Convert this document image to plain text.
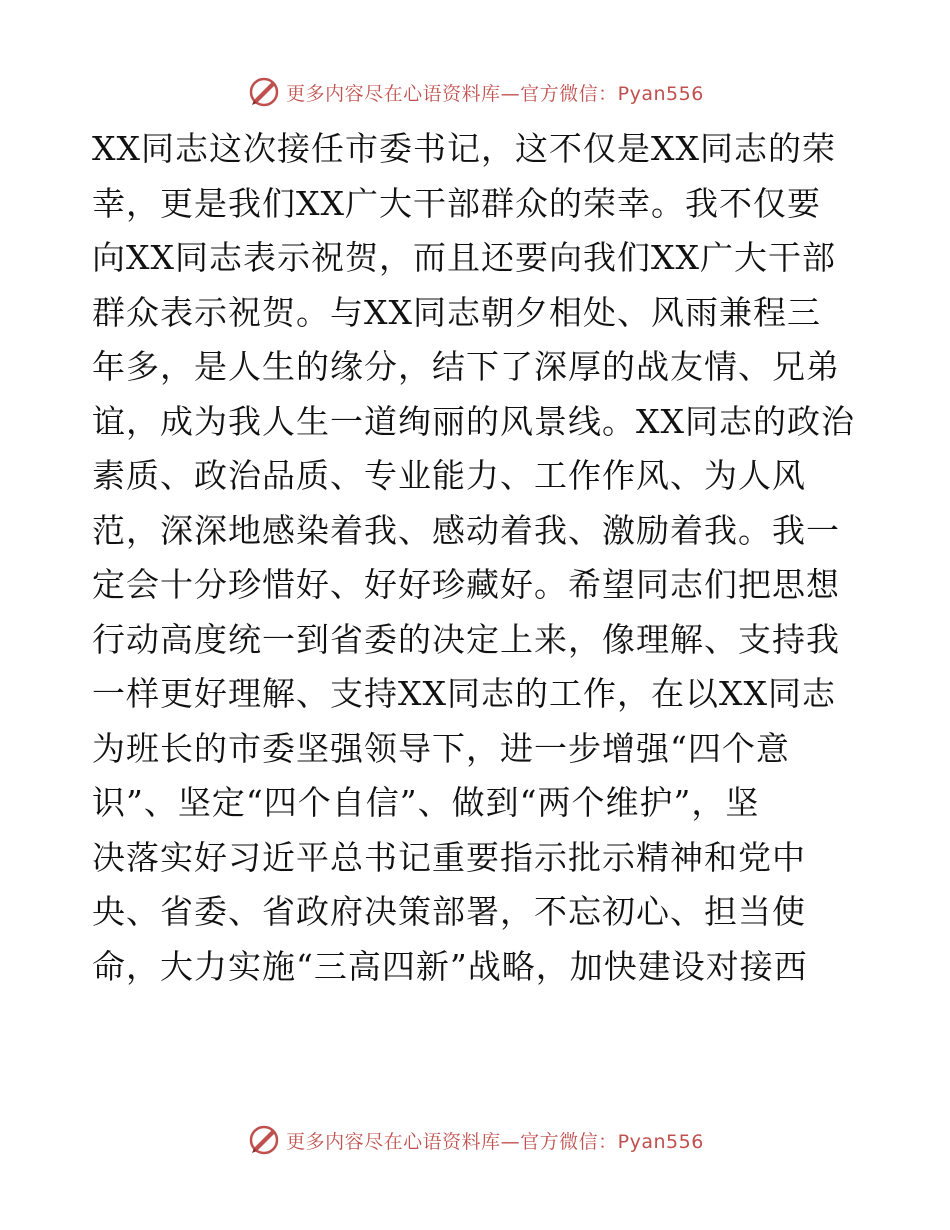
更多内容尽在心语资料库—官方微信：Pyan556
XX同志这次接任市委书记，这不仅是XX同志的荣
幸，更是我们XX广大干部群众的荣幸。我不仅要
向XX同志表示祝贺，而且还要向我们XX广大干部
群众表示祝贺。与XX同志朝夕相处、风雨兼程三
年多，是人生的缘分，结下了深厚的战友情、兄弟
谊，成为我人生一道绚丽的风景线。XX同志的政治
素质、政治品质、专业能力、工作作风、为人风
范，深深地感染着我、感动着我、激励着我。我一
定会十分珍惜好、好好珍藏好。希望同志们把思想
行动高度统一到省委的决定上来，像理解、支持我
一样更好理解、支持XX同志的工作，在以XX同志
为班长的市委坚强领导下，进一步增强“四个意
识”、坚定“四个自信”、做到“两个维护”，坚
决落实好习近平总书记重要指示批示精神和党中
央、省委、省政府决策部署，不忘初心、担当使
命，大力实施“三高四新”战略，加快建设对接西
更多内容尽在心语资料库—官方微信：Pyan556
